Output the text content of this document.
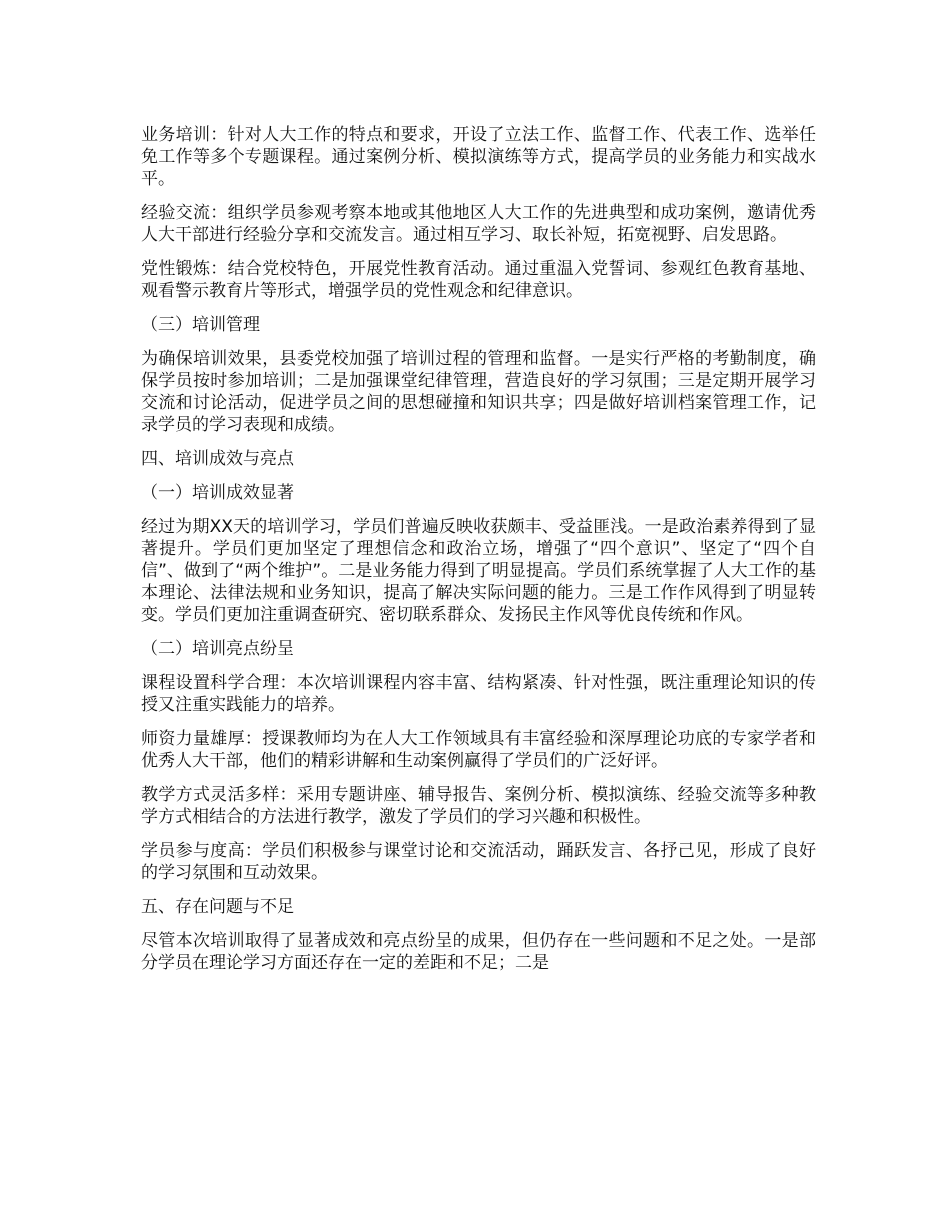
业务培训：针对人大工作的特点和要求，开设了立法工作、监督工作、代表工作、选举任免工作等多个专题课程。通过案例分析、模拟演练等方式，提高学员的业务能力和实战水平。

经验交流：组织学员参观考察本地或其他地区人大工作的先进典型和成功案例，邀请优秀人大干部进行经验分享和交流发言。通过相互学习、取长补短，拓宽视野、启发思路。

党性锻炼：结合党校特色，开展党性教育活动。通过重温入党誓词、参观红色教育基地、观看警示教育片等形式，增强学员的党性观念和纪律意识。

（三）培训管理

为确保培训效果，县委党校加强了培训过程的管理和监督。一是实行严格的考勤制度，确保学员按时参加培训；二是加强课堂纪律管理，营造良好的学习氛围；三是定期开展学习交流和讨论活动，促进学员之间的思想碰撞和知识共享；四是做好培训档案管理工作，记录学员的学习表现和成绩。

四、培训成效与亮点
（一）培训成效显著

经过为期XX天的培训学习，学员们普遍反映收获颇丰、受益匪浅。一是政治素养得到了显著提升。学员们更加坚定了理想信念和政治立场，增强了“四个意识”、坚定了“四个自信”、做到了“两个维护”。二是业务能力得到了明显提高。学员们系统掌握了人大工作的基本理论、法律法规和业务知识，提高了解决实际问题的能力。三是工作作风得到了明显转变。学员们更加注重调查研究、密切联系群众、发扬民主作风等优良传统和作风。

（二）培训亮点纷呈

课程设置科学合理：本次培训课程内容丰富、结构紧凑、针对性强，既注重理论知识的传授又注重实践能力的培养。

师资力量雄厚：授课教师均为在人大工作领域具有丰富经验和深厚理论功底的专家学者和优秀人大干部，他们的精彩讲解和生动案例赢得了学员们的广泛好评。

教学方式灵活多样：采用专题讲座、辅导报告、案例分析、模拟演练、经验交流等多种教学方式相结合的方法进行教学，激发了学员们的学习兴趣和积极性。

学员参与度高：学员们积极参与课堂讨论和交流活动，踊跃发言、各抒己见，形成了良好的学习氛围和互动效果。

五、存在问题与不足

尽管本次培训取得了显著成效和亮点纷呈的成果，但仍存在一些问题和不足之处。一是部分学员在理论学习方面还存在一定的差距和不足；二是
